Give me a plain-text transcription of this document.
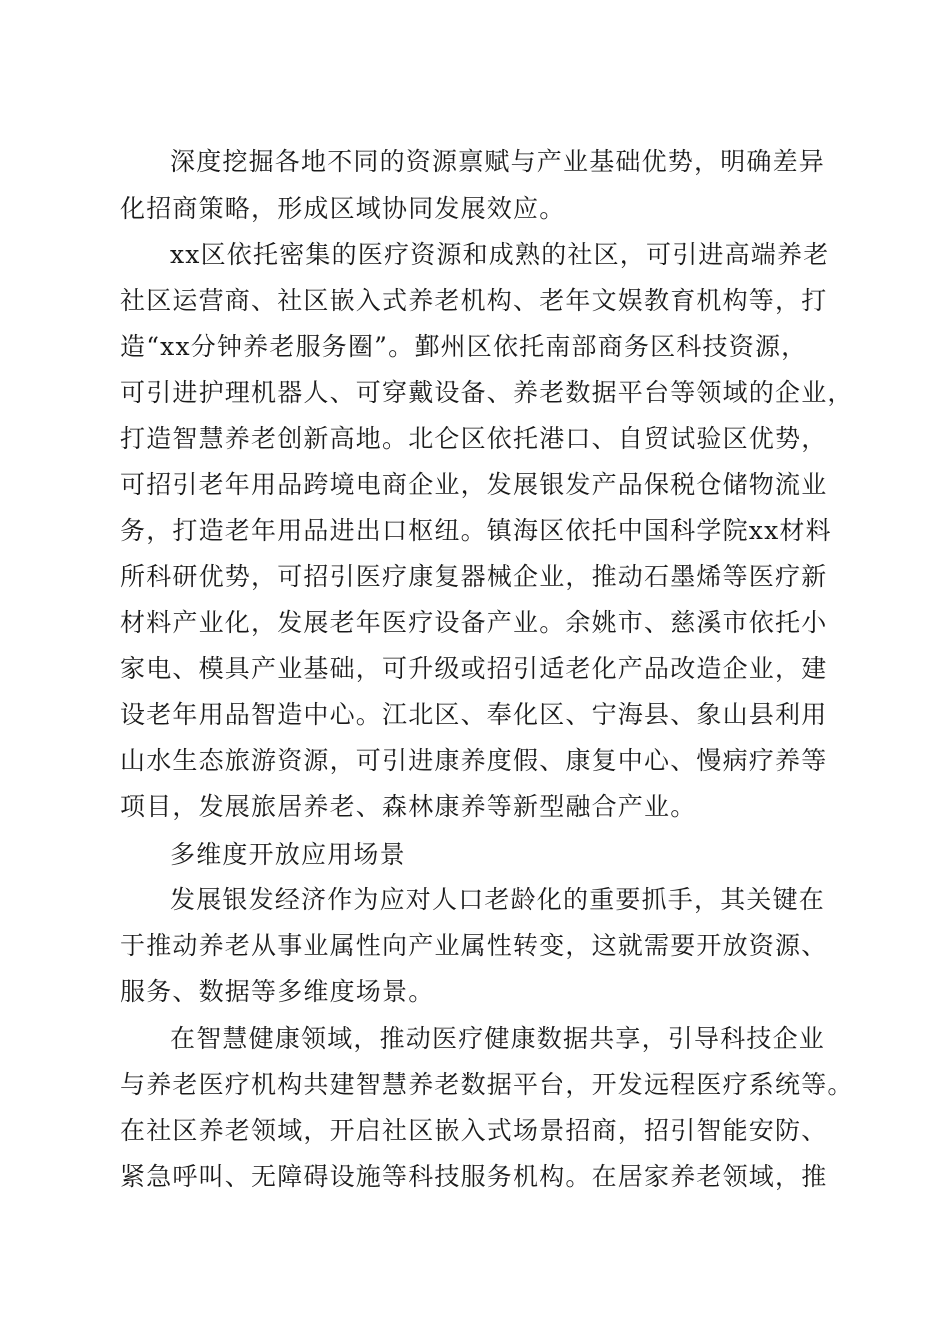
深度挖掘各地不同的资源禀赋与产业基础优势，明确差异
化招商策略，形成区域协同发展效应。
xx区依托密集的医疗资源和成熟的社区，可引进高端养老
社区运营商、社区嵌入式养老机构、老年文娱教育机构等，打
造“xx分钟养老服务圈”。鄞州区依托南部商务区科技资源，
可引进护理机器人、可穿戴设备、养老数据平台等领域的企业，
打造智慧养老创新高地。北仑区依托港口、自贸试验区优势，
可招引老年用品跨境电商企业，发展银发产品保税仓储物流业
务，打造老年用品进出口枢纽。镇海区依托中国科学院xx材料
所科研优势，可招引医疗康复器械企业，推动石墨烯等医疗新
材料产业化，发展老年医疗设备产业。余姚市、慈溪市依托小
家电、模具产业基础，可升级或招引适老化产品改造企业，建
设老年用品智造中心。江北区、奉化区、宁海县、象山县利用
山水生态旅游资源，可引进康养度假、康复中心、慢病疗养等
项目，发展旅居养老、森林康养等新型融合产业。
多维度开放应用场景
发展银发经济作为应对人口老龄化的重要抓手，其关键在
于推动养老从事业属性向产业属性转变，这就需要开放资源、
服务、数据等多维度场景。
在智慧健康领域，推动医疗健康数据共享，引导科技企业
与养老医疗机构共建智慧养老数据平台，开发远程医疗系统等。
在社区养老领域，开启社区嵌入式场景招商，招引智能安防、
紧急呼叫、无障碍设施等科技服务机构。在居家养老领域，推
